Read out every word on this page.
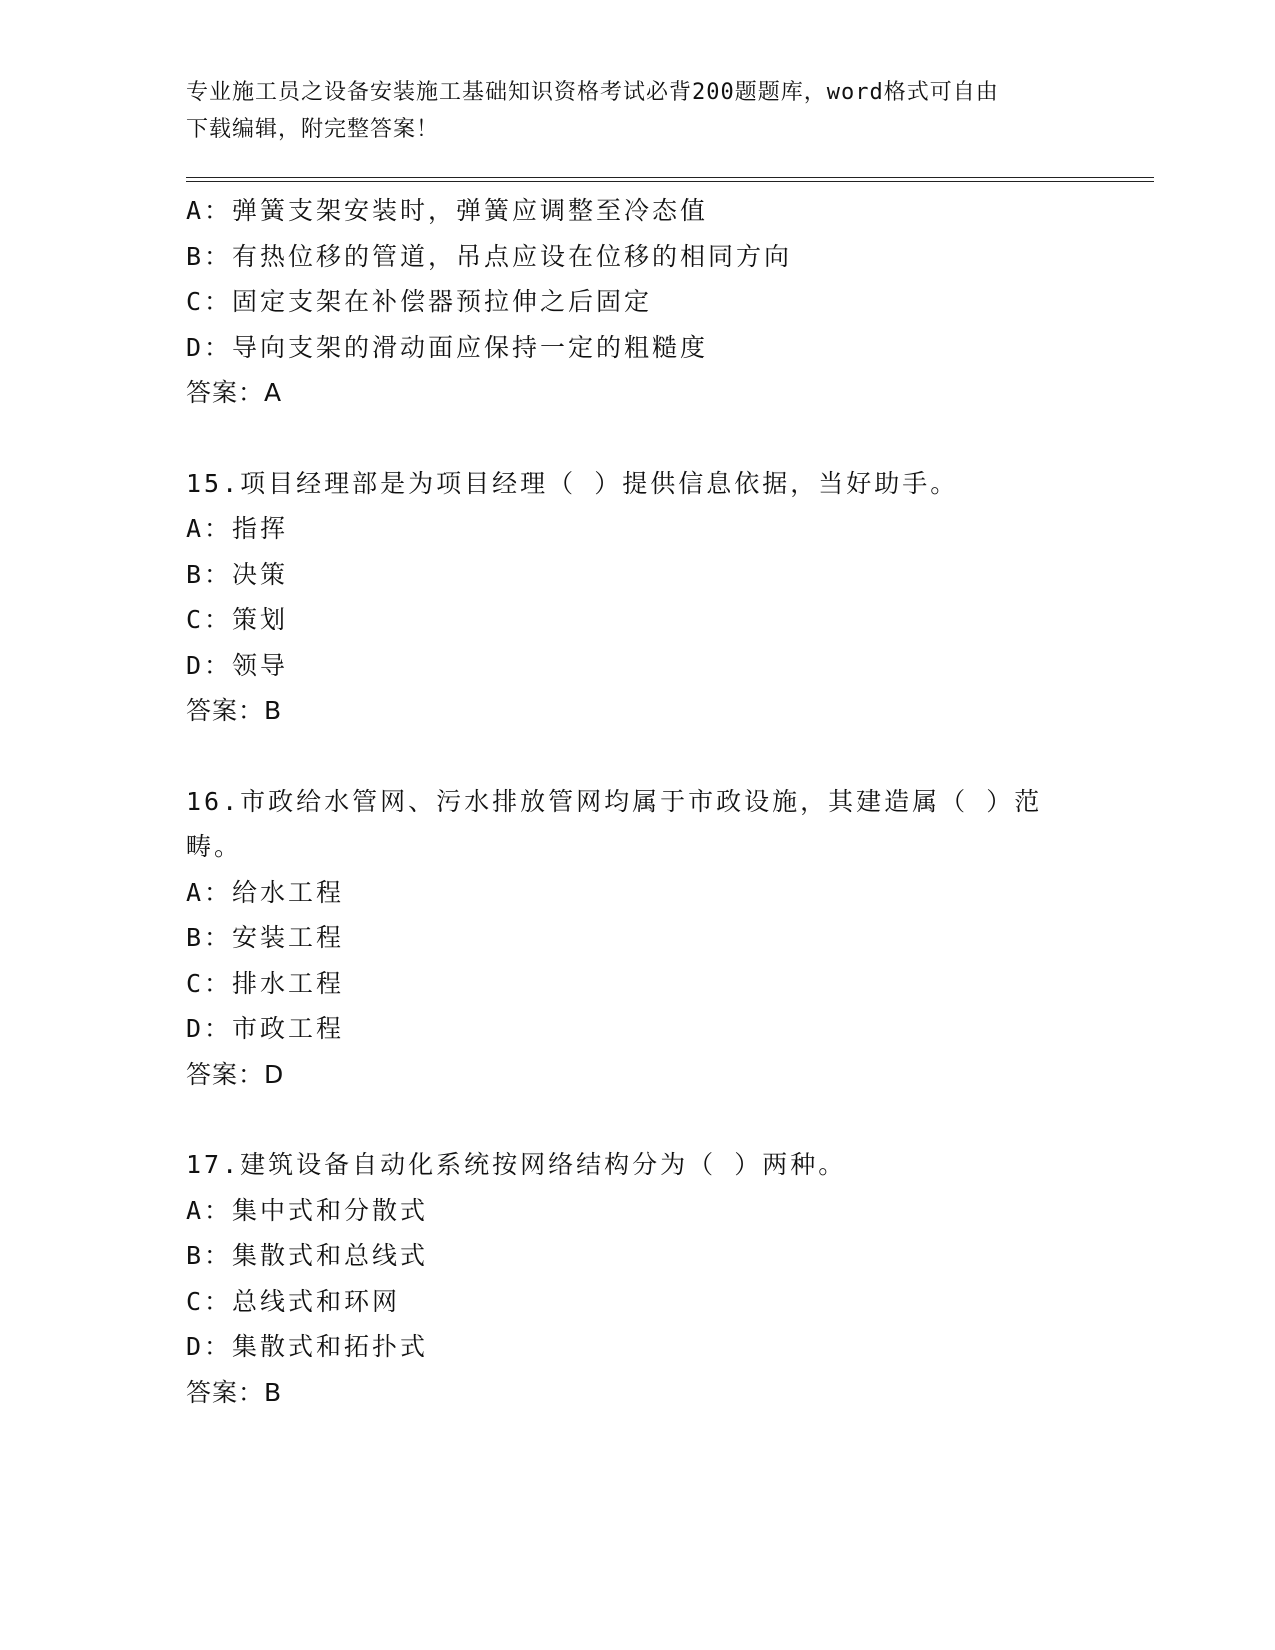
专业施工员之设备安装施工基础知识资格考试必背200题题库，word格式可自由
下载编辑，附完整答案！
A：弹簧支架安装时，弹簧应调整至冷态值
B：有热位移的管道，吊点应设在位移的相同方向
C：固定支架在补偿器预拉伸之后固定
D：导向支架的滑动面应保持一定的粗糙度
答案：A
15.项目经理部是为项目经理（ ）提供信息依据，当好助手。
A：指挥
B：决策
C：策划
D：领导
答案：B
16.市政给水管网、污水排放管网均属于市政设施，其建造属（ ）范
畴。
A：给水工程
B：安装工程
C：排水工程
D：市政工程
答案：D
17.建筑设备自动化系统按网络结构分为（ ）两种。
A：集中式和分散式
B：集散式和总线式
C：总线式和环网
D：集散式和拓扑式
答案：B
